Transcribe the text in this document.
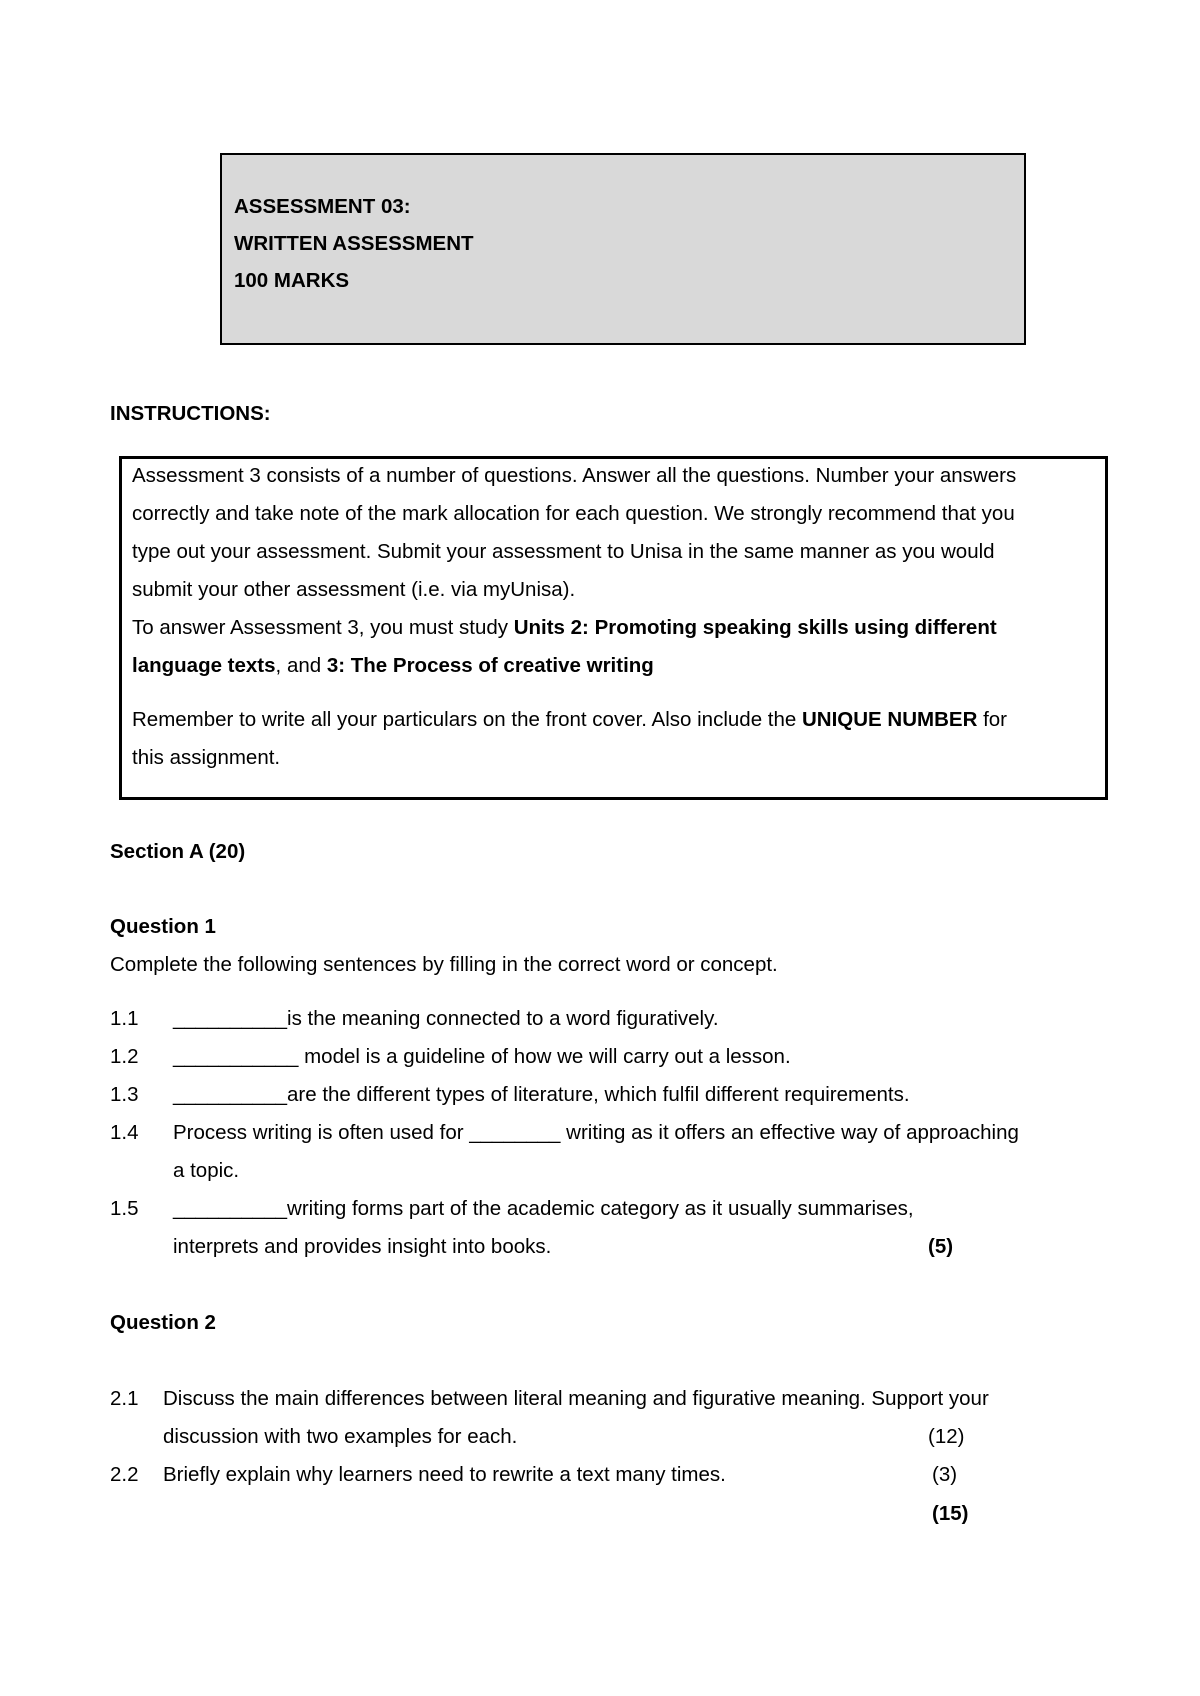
ASSESSMENT 03:
WRITTEN ASSESSMENT
100 MARKS
INSTRUCTIONS:
Assessment 3 consists of a number of questions. Answer all the questions. Number your answers
correctly and take note of the mark allocation for each question. We strongly recommend that you
type out your assessment. Submit your assessment to Unisa in the same manner as you would
submit your other assessment (i.e. via myUnisa).
To answer Assessment 3, you must study Units 2: Promoting speaking skills using different
language texts, and 3: The Process of creative writing
Remember to write all your particulars on the front cover. Also include the UNIQUE NUMBER for
this assignment.
Section A (20)
Question 1
Complete the following sentences by filling in the correct word or concept.
1.1 __________is the meaning connected to a word figuratively.
1.2 ___________ model is a guideline of how we will carry out a lesson.
1.3 __________are the different types of literature, which fulfil different requirements.
1.4 Process writing is often used for ________ writing as it offers an effective way of approaching
a topic.
1.5 __________writing forms part of the academic category as it usually summarises,
interprets and provides insight into books.	(5)
Question 2
2.1 Discuss the main differences between literal meaning and figurative meaning. Support your
discussion with two examples for each.	(12)
2.2 Briefly explain why learners need to rewrite a text many times.	(3)
(15)
